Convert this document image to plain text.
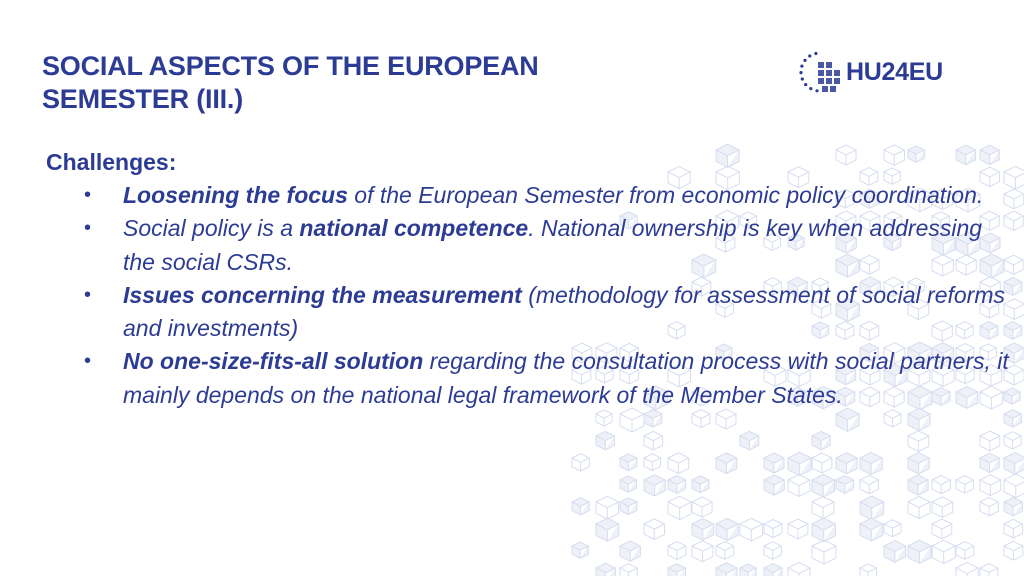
SOCIAL ASPECTS OF THE EUROPEAN
SEMESTER (III.)
HU24EU
Challenges:
• Loosening the focus of the European Semester from economic policy coordination.
• Social policy is a national competence. National ownership is key when addressing the social CSRs.
• Issues concerning the measurement (methodology for assessment of social reforms and investments)
• No one-size-fits-all solution regarding the consultation process with social partners, it mainly depends on the national legal framework of the Member States.
